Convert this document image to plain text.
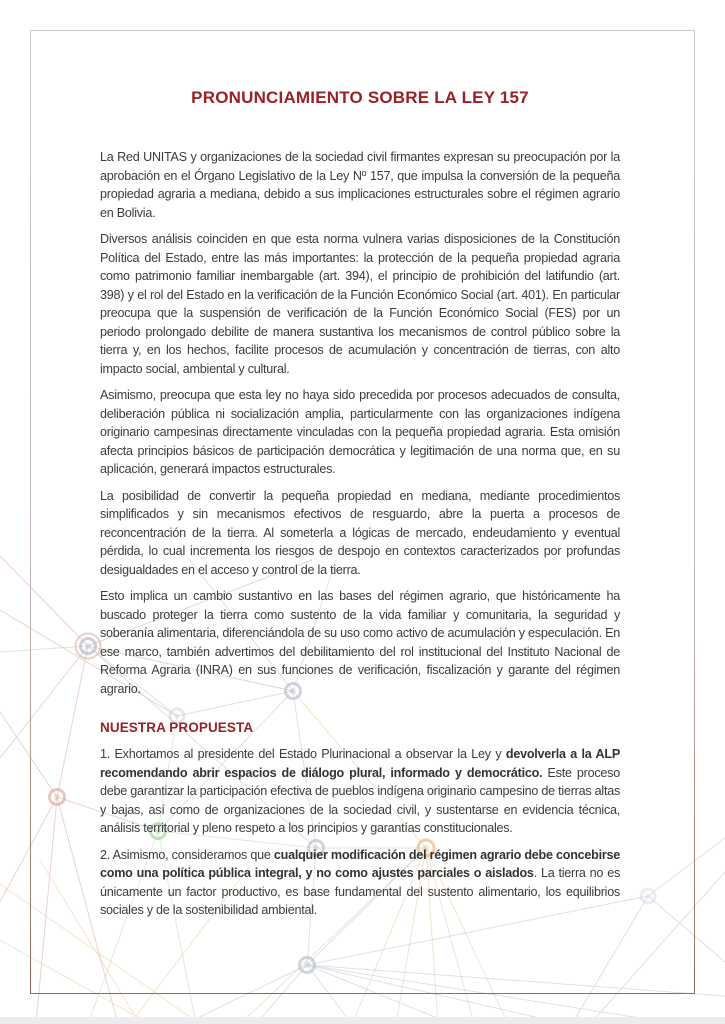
PRONUNCIAMIENTO SOBRE LA LEY 157

La Red UNITAS y organizaciones de la sociedad civil firmantes expresan su preocupación por la aprobación en el Órgano Legislativo de la Ley Nº 157, que impulsa la conversión de la pequeña propiedad agraria a mediana, debido a sus implicaciones estructurales sobre el régimen agrario en Bolivia.

Diversos análisis coinciden en que esta norma vulnera varias disposiciones de la Constitución Política del Estado, entre las más importantes: la protección de la pequeña propiedad agraria como patrimonio familiar inembargable (art. 394), el principio de prohibición del latifundio (art. 398) y el rol del Estado en la verificación de la Función Económico Social (art. 401). En particular preocupa que la suspensión de verificación de la Función Económico Social (FES) por un periodo prolongado debilite de manera sustantiva los mecanismos de control público sobre la tierra y, en los hechos, facilite procesos de acumulación y concentración de tierras, con alto impacto social, ambiental y cultural.

Asimismo, preocupa que esta ley no haya sido precedida por procesos adecuados de consulta, deliberación pública ni socialización amplia, particularmente con las organizaciones indígena originario campesinas directamente vinculadas con la pequeña propiedad agraria. Esta omisión afecta principios básicos de participación democrática y legitimación de una norma que, en su aplicación, generará impactos estructurales.

La posibilidad de convertir la pequeña propiedad en mediana, mediante procedimientos simplificados y sin mecanismos efectivos de resguardo, abre la puerta a procesos de reconcentración de la tierra. Al someterla a lógicas de mercado, endeudamiento y eventual pérdida, lo cual incrementa los riesgos de despojo en contextos caracterizados por profundas desigualdades en el acceso y control de la tierra.

Esto implica un cambio sustantivo en las bases del régimen agrario, que históricamente ha buscado proteger la tierra como sustento de la vida familiar y comunitaria, la seguridad y soberanía alimentaria, diferenciándola de su uso como activo de acumulación y especulación. En ese marco, también advertimos del debilitamiento del rol institucional del Instituto Nacional de Reforma Agraria (INRA) en sus funciones de verificación, fiscalización y garante del régimen agrario.

NUESTRA PROPUESTA

1. Exhortamos al presidente del Estado Plurinacional a observar la Ley y devolverla a la ALP recomendando abrir espacios de diálogo plural, informado y democrático. Este proceso debe garantizar la participación efectiva de pueblos indígena originario campesino de tierras altas y bajas, así como de organizaciones de la sociedad civil, y sustentarse en evidencia técnica, análisis territorial y pleno respeto a los principios y garantías constitucionales.

2. Asimismo, consideramos que cualquier modificación del régimen agrario debe concebirse como una política pública integral, y no como ajustes parciales o aislados. La tierra no es únicamente un factor productivo, es base fundamental del sustento alimentario, los equilibrios sociales y de la sostenibilidad ambiental.
